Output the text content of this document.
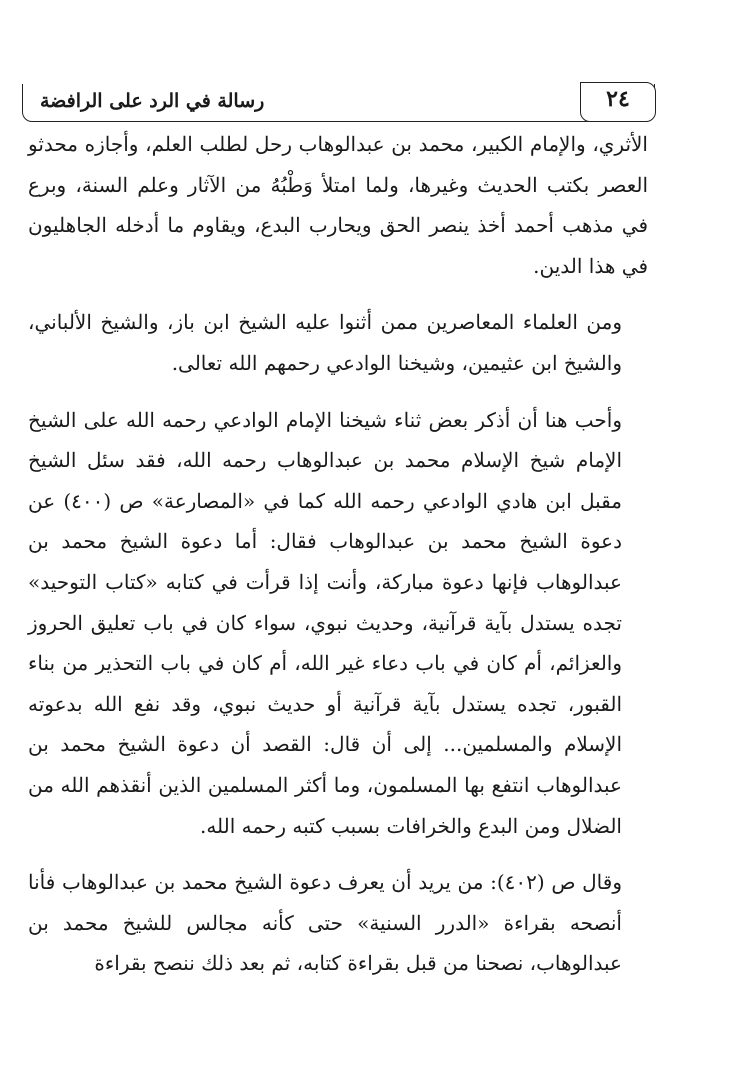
رسالة في الرد على الرافضة	٢٤

الأثري، والإمام الكبير، محمد بن عبدالوهاب رحل لطلب العلم، وأجازه محدثو العصر بكتب الحديث وغيرها، ولما امتلأ وَطْبُهُ من الآثار وعلم السنة، وبرع في مذهب أحمد أخذ ينصر الحق ويحارب البدع، ويقاوم ما أدخله الجاهليون في هذا الدين.

ومن العلماء المعاصرين ممن أثنوا عليه الشيخ ابن باز، والشيخ الألباني، والشيخ ابن عثيمين، وشيخنا الوادعي رحمهم الله تعالى.

وأحب هنا أن أذكر بعض ثناء شيخنا الإمام الوادعي رحمه الله على الشيخ الإمام شيخ الإسلام محمد بن عبدالوهاب رحمه الله، فقد سئل الشيخ مقبل ابن هادي الوادعي رحمه الله كما في «المصارعة» ص (٤٠٠) عن دعوة الشيخ محمد بن عبدالوهاب فقال: أما دعوة الشيخ محمد بن عبدالوهاب فإنها دعوة مباركة، وأنت إذا قرأت في كتابه «كتاب التوحيد» تجده يستدل بآية قرآنية، وحديث نبوي، سواء كان في باب تعليق الحروز والعزائم، أم كان في باب دعاء غير الله، أم كان في باب التحذير من بناء القبور، تجده يستدل بآية قرآنية أو حديث نبوي، وقد نفع الله بدعوته الإسلام والمسلمين... إلى أن قال: القصد أن دعوة الشيخ محمد بن عبدالوهاب انتفع بها المسلمون، وما أكثر المسلمين الذين أنقذهم الله من الضلال ومن البدع والخرافات بسبب كتبه رحمه الله.

وقال ص (٤٠٢): من يريد أن يعرف دعوة الشيخ محمد بن عبدالوهاب فأنا أنصحه بقراءة «الدرر السنية» حتى كأنه مجالس للشيخ محمد بن عبدالوهاب، نصحنا من قبل بقراءة كتابه، ثم بعد ذلك ننصح بقراءة
